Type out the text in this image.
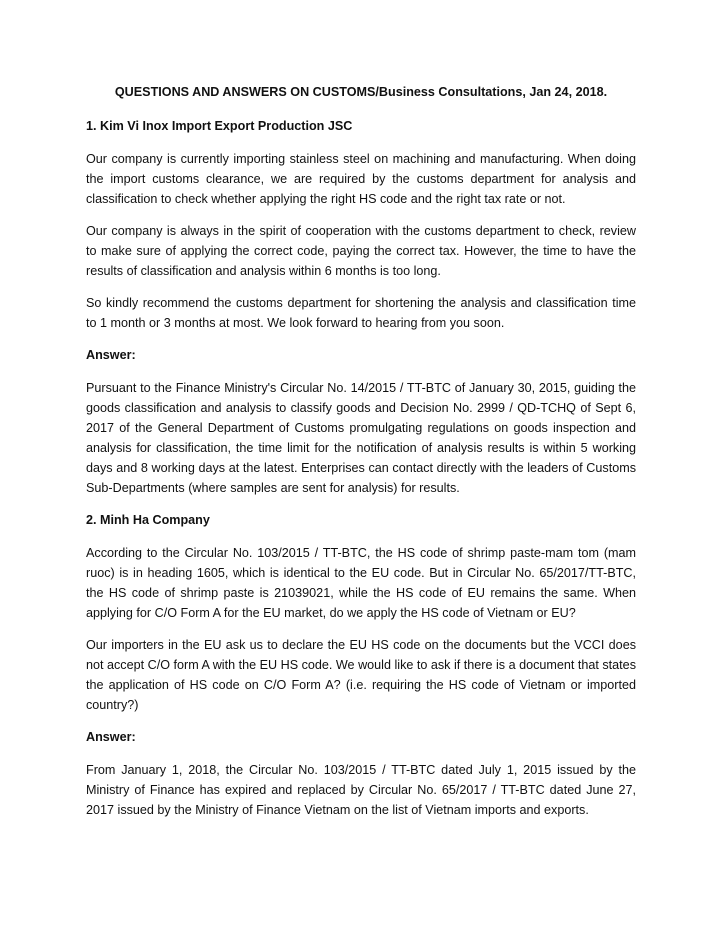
QUESTIONS AND ANSWERS ON CUSTOMS/Business Consultations, Jan 24, 2018.
1. Kim Vi Inox Import Export Production JSC

Our company is currently importing stainless steel on machining and manufacturing. When doing the import customs clearance, we are required by the customs department for analysis and classification to check whether applying the right HS code and the right tax rate or not.

Our company is always in the spirit of cooperation with the customs department to check, review to make sure of applying the correct code, paying the correct tax. However, the time to have the results of classification and analysis within 6 months is too long.

So kindly recommend the customs department for shortening the analysis and classification time to 1 month or 3 months at most. We look forward to hearing from you soon.

Answer:

Pursuant to the Finance Ministry's Circular No. 14/2015 / TT-BTC of January 30, 2015, guiding the goods classification and analysis to classify goods and Decision No. 2999 / QD-TCHQ of Sept 6, 2017 of the General Department of Customs promulgating regulations on goods inspection and analysis for classification, the time limit for the notification of analysis results is within 5 working days and 8 working days at the latest. Enterprises can contact directly with the leaders of Customs Sub-Departments (where samples are sent for analysis) for results.

2. Minh Ha Company

According to the Circular No. 103/2015 / TT-BTC, the HS code of shrimp paste-mam tom (mam ruoc) is in heading 1605, which is identical to the EU code. But in Circular No. 65/2017/TT-BTC, the HS code of shrimp paste is 21039021, while the HS code of EU remains the same. When applying for C/O Form A for the EU market, do we apply the HS code of Vietnam or EU?

Our importers in the EU ask us to declare the EU HS code on the documents but the VCCI does not accept C/O form A with the EU HS code. We would like to ask if there is a document that states the application of HS code on C/O Form A? (i.e. requiring the HS code of Vietnam or imported country?)

Answer:

From January 1, 2018, the Circular No. 103/2015 / TT-BTC dated July 1, 2015 issued by the Ministry of Finance has expired and replaced by Circular No. 65/2017 / TT-BTC dated June 27, 2017 issued by the Ministry of Finance Vietnam on the list of Vietnam imports and exports.
